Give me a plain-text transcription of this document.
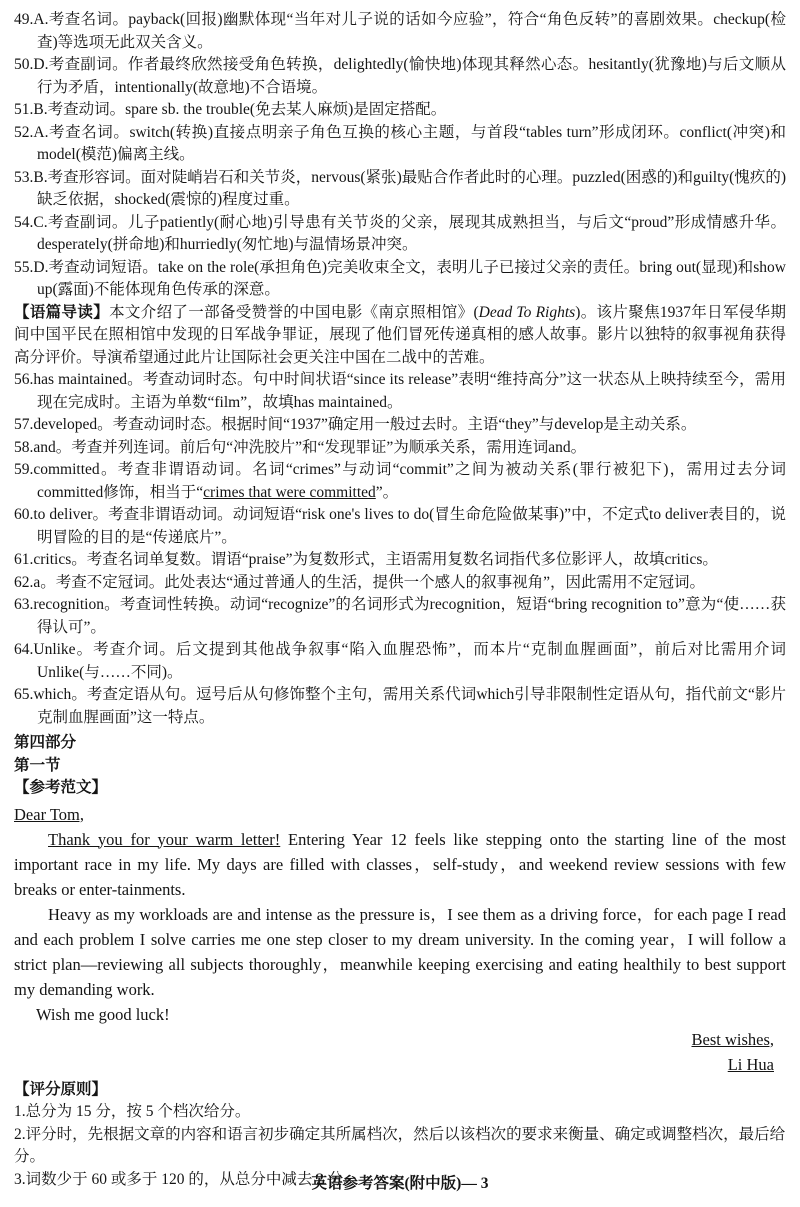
49.A.考查名词。payback(回报)幽默体现“当年对儿子说的话如今应验”，符合“角色反转”的喜剧效果。checkup(检查)等选项无此双关含义。
50.D.考查副词。作者最终欣然接受角色转换，delightedly(愉快地)体现其释然心态。hesitantly(犹豫地)与后文顺从行为矛盾，intentionally(故意地)不合语境。
51.B.考查动词。spare sb. the trouble(免去某人麻烦)是固定搭配。
52.A.考查名词。switch(转换)直接点明亲子角色互换的核心主题，与首段“tables turn”形成闭环。conflict(冲突)和model(模范)偏离主线。
53.B.考查形容词。面对陡峭岩石和关节炎，nervous(紧张)最贴合作者此时的心理。puzzled(困惑的)和guilty(愧疚的)缺乏依据，shocked(震惊的)程度过重。
54.C.考查副词。儿子patiently(耐心地)引导患有关节炎的父亲，展现其成熟担当，与后文“proud”形成情感升华。desperately(拼命地)和hurriedly(匆忙地)与温情场景冲突。
55.D.考查动词短语。take on the role(承担角色)完美收束全文，表明儿子已接过父亲的责任。bring out(显现)和show up(露面)不能体现角色传承的深意。
【语篇导读】本文介绍了一部备受赞誉的中国电影《南京照相馆》(Dead To Rights)。该片聚焦1937年日军侵华期间中国平民在照相馆中发现的日军战争罪证，展现了他们冒死传递真相的感人故事。影片以独特的叙事视角获得高分评价。导演希望通过此片让国际社会更关注中国在二战中的苦难。
56.has maintained。考查动词时态。句中时间状语“since its release”表明“维持高分”这一状态从上映持续至今，需用现在完成时。主语为单数“film”，故填has maintained。
57.developed。考查动词时态。根据时间“1937”确定用一般过去时。主语“they”与develop是主动关系。
58.and。考查并列连词。前后句“冲洗胶片”和“发现罪证”为顺承关系，需用连词and。
59.committed。考查非谓语动词。名词“crimes”与动词“commit”之间为被动关系(罪行被犯下)，需用过去分词committed修饰，相当于“crimes that were committed”。
60.to deliver。考查非谓语动词。动词短语“risk one's lives to do(冒生命危险做某事)”中，不定式to deliver表目的，说明冒险的目的是“传递底片”。
61.critics。考查名词单复数。谓语“praise”为复数形式，主语需用复数名词指代多位影评人，故填critics。
62.a。考查不定冠词。此处表达“通过普通人的生活，提供一个感人的叙事视角”，因此需用不定冠词。
63.recognition。考查词性转换。动词“recognize”的名词形式为recognition，短语“bring recognition to”意为“使……获得认可”。
64.Unlike。考查介词。后文提到其他战争叙事“陷入血腥恐怖”，而本片“克制血腥画面”，前后对比需用介词Unlike(与……不同)。
65.which。考查定语从句。逗号后从句修饰整个主句，需用关系代词which引导非限制性定语从句，指代前文“影片克制血腥画面”这一特点。
第四部分
第一节
【参考范文】

Dear Tom,

Thank you for your warm letter! Entering Year 12 feels like stepping onto the starting line of the most important race in my life. My days are filled with classes，self-study，and weekend review sessions with few breaks or enter-tainments.

Heavy as my workloads are and intense as the pressure is，I see them as a driving force，for each page I read and each problem I solve carries me one step closer to my dream university. In the coming year，I will follow a strict plan—reviewing all subjects thoroughly，meanwhile keeping exercising and eating healthily to best support my demanding work.

Wish me good luck!

Best wishes,

Li Hua

【评分原则】
1.总分为 15 分，按 5 个档次给分。
2.评分时，先根据文章的内容和语言初步确定其所属档次，然后以该档次的要求来衡量、确定或调整档次，最后给分。
3.词数少于 60 或多于 120 的，从总分中减去 2 分。
英语参考答案(附中版)— 3
